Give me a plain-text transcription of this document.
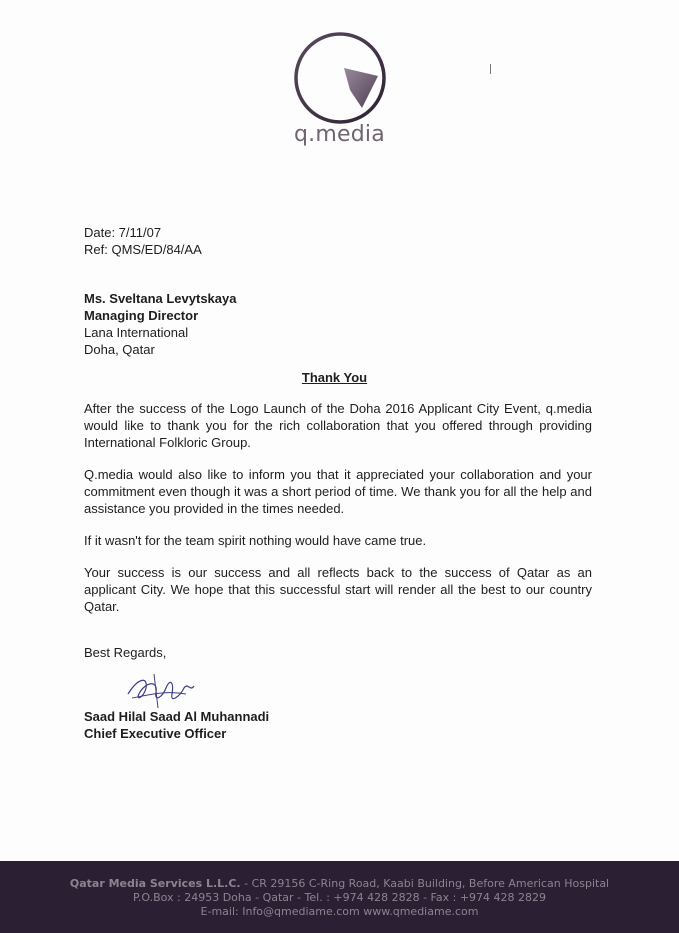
q.media
Date: 7/11/07
Ref: QMS/ED/84/AA
Ms. Sveltana Levytskaya
Managing Director
Lana International
Doha, Qatar
Thank You

After the success of the Logo Launch of the Doha 2016 Applicant City Event, q.media would like to thank you for the rich collaboration that you offered through providing International Folkloric Group.

Q.media would also like to inform you that it appreciated your collaboration and your commitment even though it was a short period of time. We thank you for all the help and assistance you provided in the times needed.

If it wasn't for the team spirit nothing would have came true.

Your success is our success and all reflects back to the success of Qatar as an applicant City. We hope that this successful start will render all the best to our country Qatar.

Best Regards,
Saad Hilal Saad Al Muhannadi
Chief Executive Officer
Qatar Media Services L.L.C. - CR 29156 C-Ring Road, Kaabi Building, Before American Hospital
P.O.Box : 24953 Doha - Qatar - Tel. : +974 428 2828 - Fax : +974 428 2829
E-mail: Info@qmediame.com www.qmediame.com
